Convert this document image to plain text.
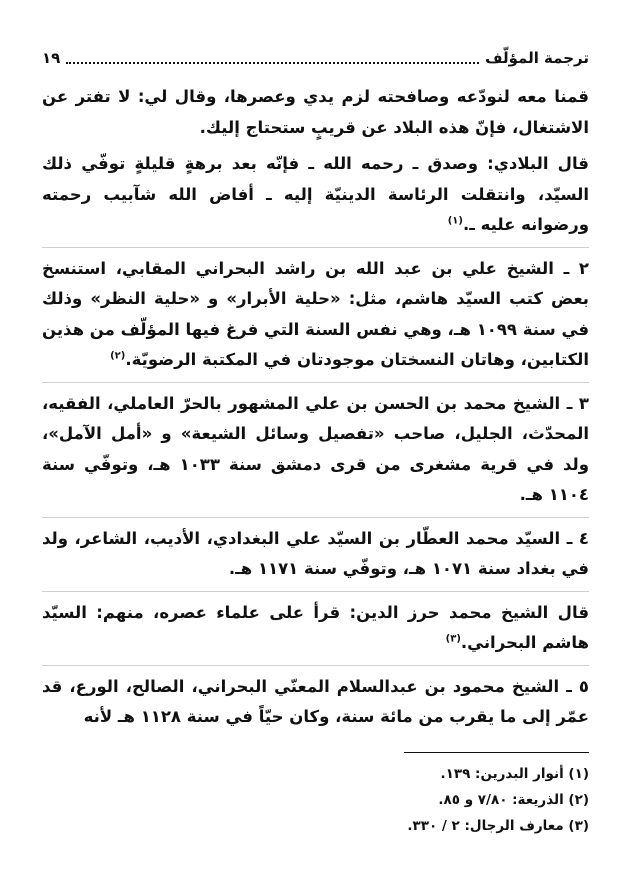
ترجمة المؤلّف
١٩

قمنا معه لنودّعه وصافحته لزم يدي وعصرها، وقال لي: لا تفتر عن الاشتغال، فإنّ هذه البلاد عن قريبٍ ستحتاج إليك.

قال البلادي: وصدق ـ رحمه الله ـ فإنّه بعد برهةٍ قليلةٍ توفّي ذلك السيّد، وانتقلت الرئاسة الدينيّة إليه ـ أفاض الله شآبيب رحمته ورضوانه عليه ـ.$^{(١)}$

٢ ـ الشيخ علي بن عبد الله بن راشد البحراني المقابي، استنسخ بعض كتب السيّد هاشم، مثل: «حلية الأبرار» و «حلية النظر» وذلك في سنة ١٠٩٩ هـ، وهي نفس السنة التي فرغ فيها المؤلّف من هذين الكتابين، وهاتان النسختان موجودتان في المكتبة الرضويّة.$^{(٢)}$

٣ ـ الشيخ محمد بن الحسن بن علي المشهور بالحرّ العاملي، الفقيه، المحدّث، الجليل، صاحب «تفصيل وسائل الشيعة» و «أمل الآمل»، ولد في قرية مشغرى من قرى دمشق سنة ١٠٣٣ هـ، وتوفّي سنة ١١٠٤ هـ.

٤ ـ السيّد محمد العطّار بن السيّد علي البغدادي، الأديب، الشاعر، ولد في بغداد سنة ١٠٧١ هـ، وتوفّي سنة ١١٧١ هـ.

قال الشيخ محمد حرز الدين: قرأ على علماء عصره، منهم: السيّد هاشم البحراني.$^{(٣)}$

٥ ـ الشيخ محمود بن عبدالسلام المعنّي البحراني، الصالح، الورع، قد عمّر إلى ما يقرب من مائة سنة، وكان حيّاً في سنة ١١٢٨ هـ لأنه

(١) أنوار البدرين: ١٣٩.
(٢) الذريعة: ٧/٨٠ و ٨٥.
(٣) معارف الرجال: ٢ / ٣٣٠.
